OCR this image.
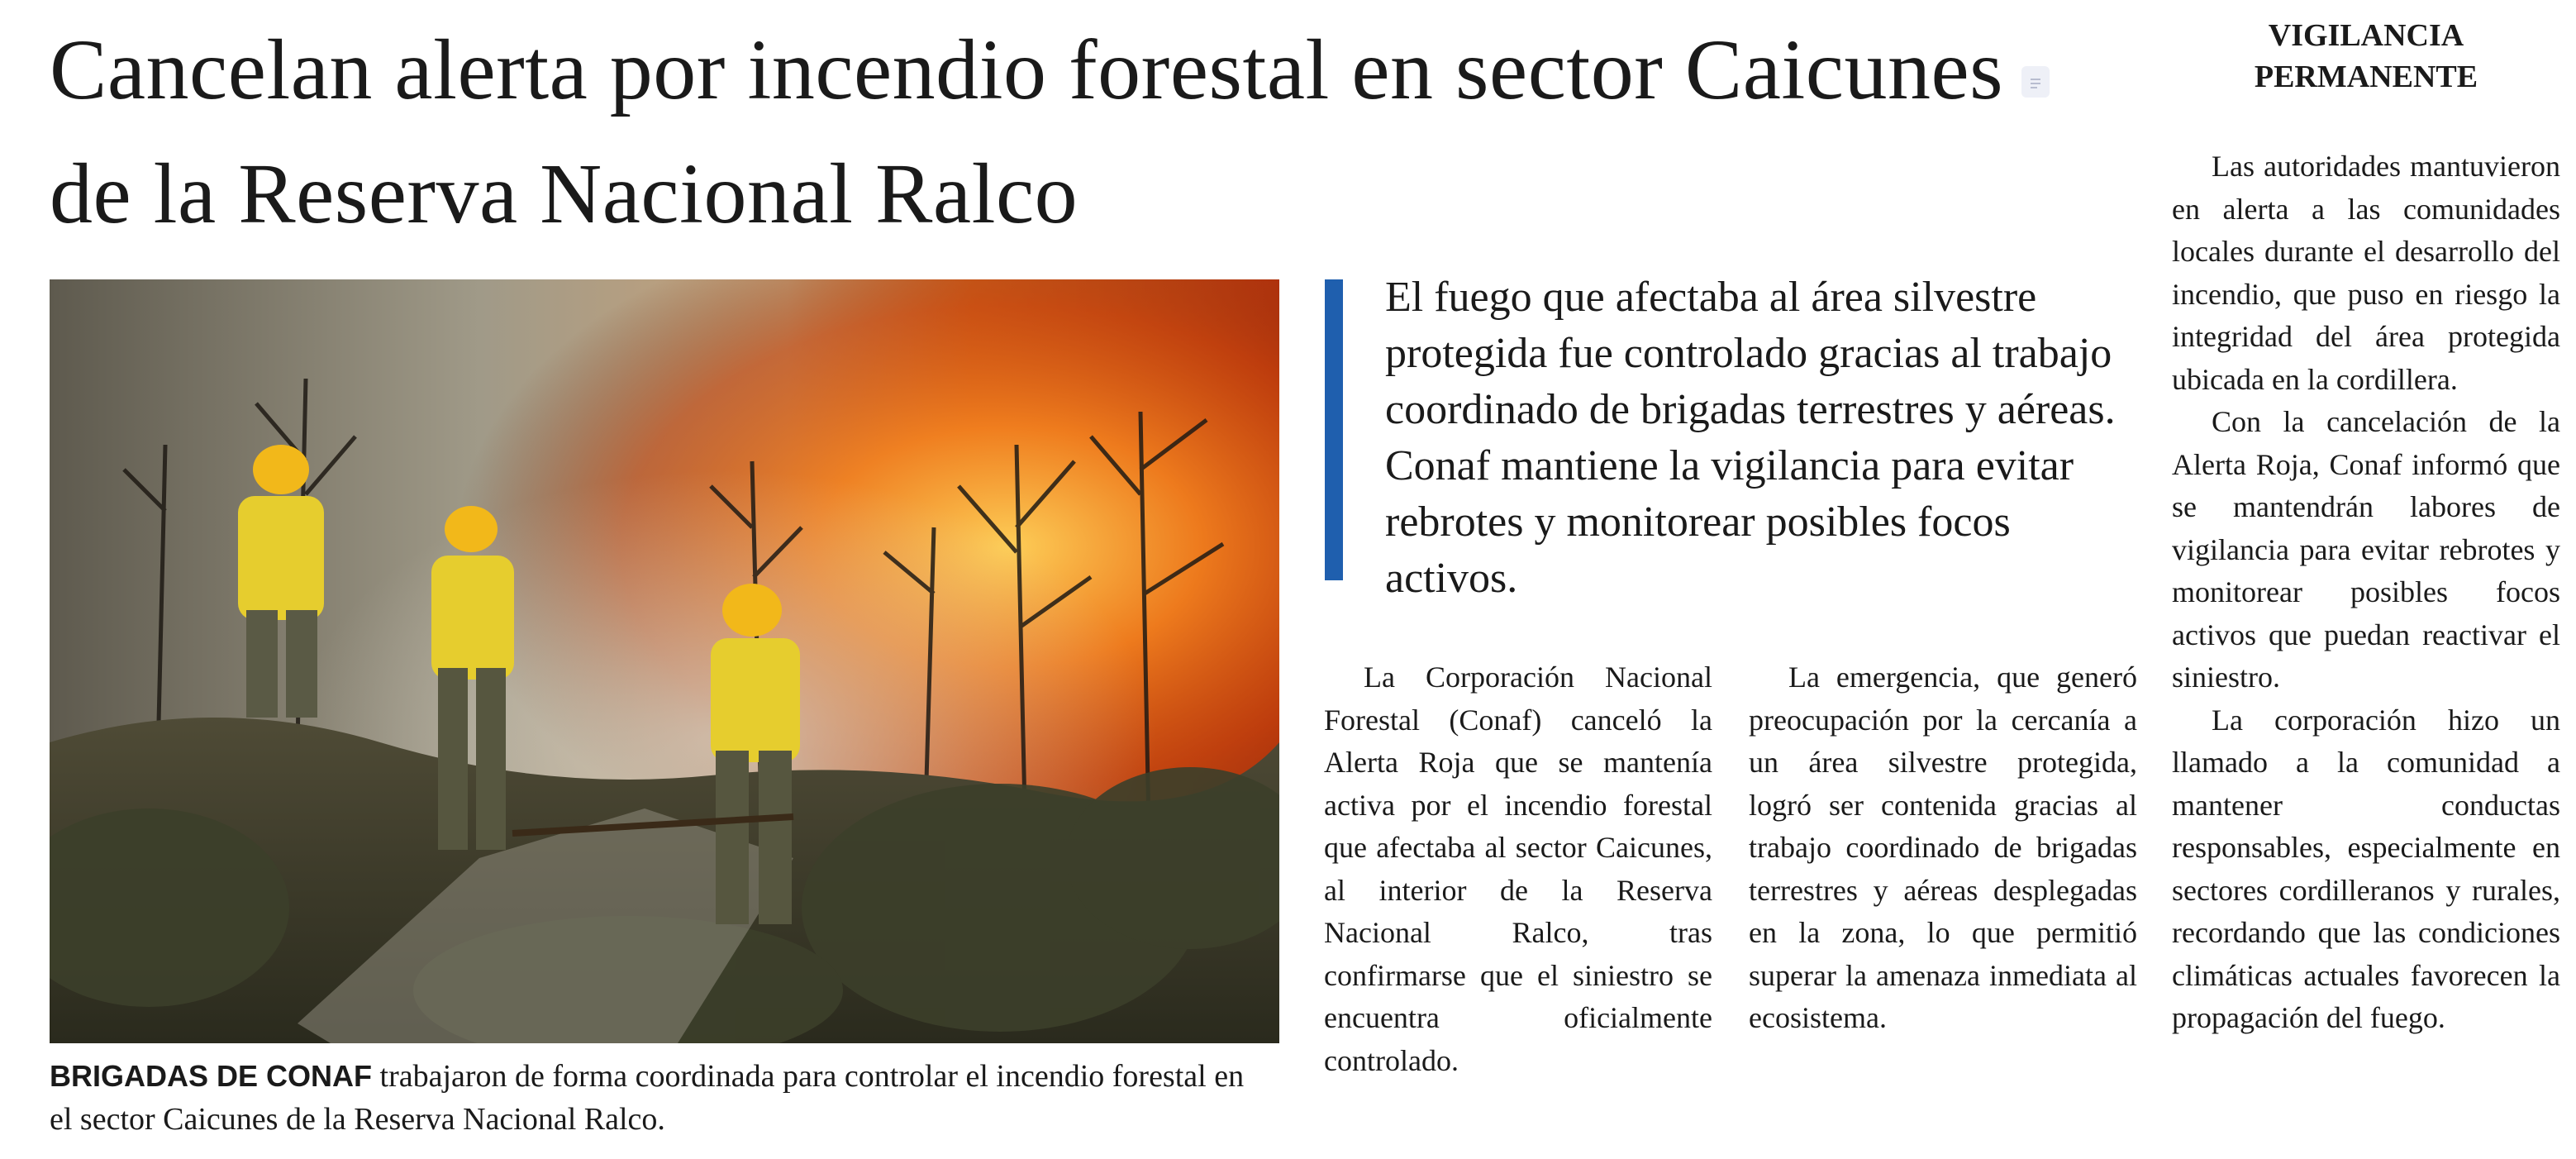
Cancelan alerta por incendio forestal en sector Caicunes de la Reserva Nacional Ralco

BRIGADAS DE CONAF trabajaron de forma coordinada para controlar el incendio forestal en el sector Caicunes de la Reserva Nacional Ralco.

El fuego que afectaba al área silvestre protegida fue controlado gracias al trabajo coordinado de brigadas terrestres y aéreas. Conaf mantiene la vigilancia para evitar rebrotes y monitorear posibles focos activos.

La Corporación Nacional Forestal (Conaf) canceló la Alerta Roja que se mantenía activa por el incendio forestal que afectaba al sector Caicunes, al interior de la Reserva Nacional Ralco, tras confirmarse que el siniestro se encuentra oficialmente controlado.

La emergencia, que generó preocupación por la cercanía a un área silvestre protegida, logró ser contenida gracias al trabajo coordinado de brigadas terrestres y aéreas desplegadas en la zona, lo que permitió superar la amenaza inmediata al ecosistema.

VIGILANCIA PERMANENTE

Las autoridades mantuvieron en alerta a las comunidades locales durante el desarrollo del incendio, que puso en riesgo la integridad del área protegida ubicada en la cordillera.

Con la cancelación de la Alerta Roja, Conaf informó que se mantendrán labores de vigilancia para evitar rebrotes y monitorear posibles focos activos que puedan reactivar el siniestro.

La corporación hizo un llamado a la comunidad a mantener conductas responsables, especialmente en sectores cordilleranos y rurales, recordando que las condiciones climáticas actuales favorecen la propagación del fuego.
